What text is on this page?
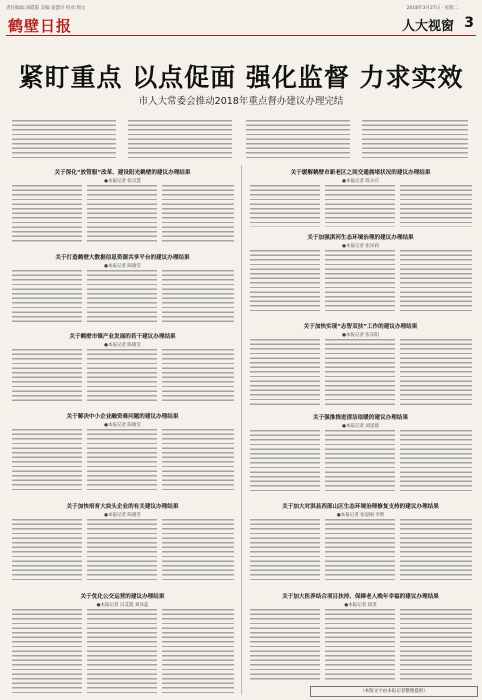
责任编辑:刘霞霞 美编:姜慧玲 校对:周文	2018年3月27日 · 星期二
鹤壁日报	人大视窗 3
紧盯重点 以点促面 强化监督 力求实效
市人大常委会推动2018年重点督办建议办理完结
关于深化“放管服”改革、建设阳光鹤壁的建议办理结果
●本报记者 张宗慧
关于打造鹤壁大数据信息资源共享平台的建议办理结果
●本报记者 陈晓雪
关于鹤壁市镇产业发展的若干建议办理结果
●本报记者 陈晓雪
关于解决中小企业融资难问题的建议办理结果
●本报记者 陈晓雪
关于加快培育大块头企业的有关建议办理结果
●本报记者 陈晓雪
关于优化公交运营的建议办理结果
●本报记者 冯艾霞 刘泽蕊
关于缓解鹤壁市新老区之间交通拥堵状况的建议办理结果
●本报记者 陈尔宾
关于加强淇河生态环境治理的建议办理结果
●本报记者 张泽莉
关于加快实现“志智双扶”工作的建议办理结果
●本报记者 张东阳
关于强推推进清洁取暖的建议办理结果
●本报记者 刘思建
关于加大对淇县西部山区生态环境治理修复支持的建议办理结果
●本报记者 张思刚 李赞
关于加大医养结合项目扶持、保障老人晚年幸福的建议办理结果
●本报记者 徐茂
（本版文字由本报记者整理提供）
